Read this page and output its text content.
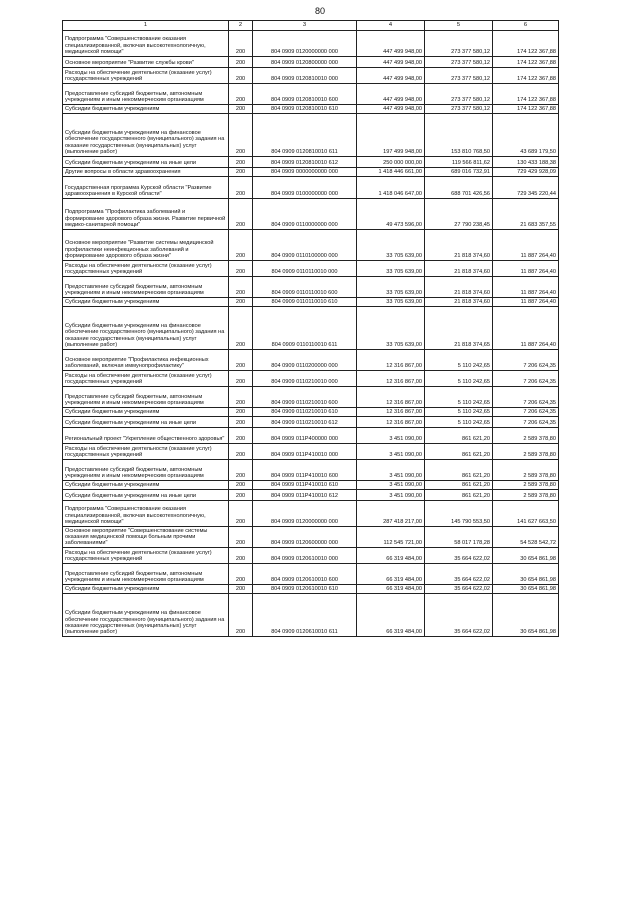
80
1	2	3	4	5	6
Подпрограмма "Совершенствование оказания специализированной, включая высокотехнологичную, медицинской помощи"	200	804 0909 0120000000 000	447 499 948,00	273 377 580,12	174 122 367,88
Основное мероприятие "Развитие службы крови"	200	804 0909 0120800000 000	447 499 948,00	273 377 580,12	174 122 367,88
Расходы на обеспечение деятельности (оказание услуг) государственных учреждений	200	804 0909 0120810010 000	447 499 948,00	273 377 580,12	174 122 367,88
Предоставление субсидий бюджетным, автономным учреждениям и иным некоммерческим организациям	200	804 0909 0120810010 600	447 499 948,00	273 377 580,12	174 122 367,88
Субсидии бюджетным учреждениям	200	804 0909 0120810010 610	447 499 948,00	273 377 580,12	174 122 367,88
Субсидии бюджетным учреждениям на финансовое обеспечение государственного (муниципального) задания на оказание государственных (муниципальных) услуг (выполнение работ)	200	804 0909 0120810010 611	197 499 948,00	153 810 768,50	43 689 179,50
Субсидии бюджетным учреждениям на иные цели	200	804 0909 0120810010 612	250 000 000,00	119 566 811,62	130 433 188,38
Другие вопросы в области здравоохранения	200	804 0909 0000000000 000	1 418 446 661,00	689 016 732,91	729 429 928,09
Государственная программа Курской области "Развитие здравоохранения в Курской области"	200	804 0909 0100000000 000	1 418 046 647,00	688 701 426,56	729 345 220,44
Подпрограмма "Профилактика заболеваний и формирование здорового образа жизни. Развитие первичной медико-санитарной помощи"	200	804 0909 0110000000 000	49 473 596,00	27 790 238,45	21 683 357,55
Основное мероприятие "Развитие системы медицинской профилактики неинфекционных заболеваний и формирование здорового образа жизни"	200	804 0909 0110100000 000	33 705 639,00	21 818 374,60	11 887 264,40
Расходы на обеспечение деятельности (оказание услуг) государственных учреждений	200	804 0909 0110110010 000	33 705 639,00	21 818 374,60	11 887 264,40
Предоставление субсидий бюджетным, автономным учреждениям и иным некоммерческим организациям	200	804 0909 0110110010 600	33 705 639,00	21 818 374,60	11 887 264,40
Субсидии бюджетным учреждениям	200	804 0909 0110110010 610	33 705 639,00	21 818 374,60	11 887 264,40
Субсидии бюджетным учреждениям на финансовое обеспечение государственного (муниципального) задания на оказание государственных (муниципальных) услуг (выполнение работ)	200	804 0909 0110110010 611	33 705 639,00	21 818 374,65	11 887 264,40
Основное мероприятие "Профилактика инфекционных заболеваний, включая иммунопрофилактику"	200	804 0909 0110200000 000	12 316 867,00	5 110 242,65	7 206 624,35
Расходы на обеспечение деятельности (оказание услуг) государственных учреждений	200	804 0909 0110210010 000	12 316 867,00	5 110 242,65	7 206 624,35
Предоставление субсидий бюджетным, автономным учреждениям и иным некоммерческим организациям	200	804 0909 0110210010 600	12 316 867,00	5 110 242,65	7 206 624,35
Субсидии бюджетным учреждениям	200	804 0909 0110210010 610	12 316 867,00	5 110 242,65	7 206 624,35
Субсидии бюджетным учреждениям на иные цели	200	804 0909 0110210010 612	12 316 867,00	5 110 242,65	7 206 624,35
Региональный проект "Укрепление общественного здоровья"	200	804 0909 011P400000 000	3 451 090,00	861 621,20	2 589 378,80
Расходы на обеспечение деятельности (оказание услуг) государственных учреждений	200	804 0909 011P410010 000	3 451 090,00	861 621,20	2 589 378,80
Предоставление субсидий бюджетным, автономным учреждениям и иным некоммерческим организациям	200	804 0909 011P410010 600	3 451 090,00	861 621,20	2 589 378,80
Субсидии бюджетным учреждениям	200	804 0909 011P410010 610	3 451 090,00	861 621,20	2 589 378,80
Субсидии бюджетным учреждениям на иные цели	200	804 0909 011P410010 612	3 451 090,00	861 621,20	2 589 378,80
Подпрограмма "Совершенствование оказания специализированной, включая высокотехнологичную, медицинской помощи"	200	804 0909 0120000000 000	287 418 217,00	145 790 553,50	141 627 663,50
Основное мероприятие "Совершенствование системы оказания медицинской помощи больным прочими заболеваниями"	200	804 0909 0120600000 000	112 545 721,00	58 017 178,28	54 528 542,72
Расходы на обеспечение деятельности (оказание услуг) государственных учреждений	200	804 0909 0120610010 000	66 319 484,00	35 664 622,02	30 654 861,98
Предоставление субсидий бюджетным, автономным учреждениям и иным некоммерческим организациям	200	804 0909 0120610010 600	66 319 484,00	35 664 622,02	30 654 861,98
Субсидии бюджетным учреждениям	200	804 0909 0120610010 610	66 319 484,00	35 664 622,02	30 654 861,98
Субсидии бюджетным учреждениям на финансовое обеспечение государственного (муниципального) задания на оказание государственных (муниципальных) услуг (выполнение работ)	200	804 0909 0120610010 611	66 319 484,00	35 664 622,02	30 654 861,98
